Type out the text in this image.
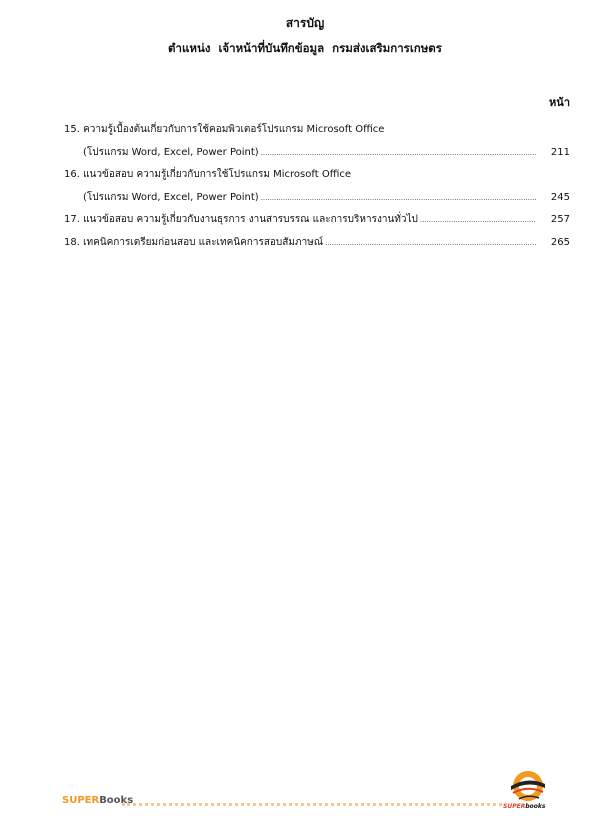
สารบัญ
ตำแหน่ง  เจ้าหน้าที่บันทึกข้อมูล  กรมส่งเสริมการเกษตร
หน้า
15. ความรู้เบื้องต้นเกี่ยวกับการใช้คอมพิวเตอร์โปรแกรม Microsoft Office
(โปรแกรม Word, Excel, Power Point) .....	211
16. แนวข้อสอบ ความรู้เกี่ยวกับการใช้โปรแกรม Microsoft Office
(โปรแกรม Word, Excel, Power Point) .....	245
17. แนวข้อสอบ ความรู้เกี่ยวกับงานธุรการ งานสารบรรณ และการบริหารงานทั่วไป .....	257
18. เทคนิคการเตรียมก่อนสอบ และเทคนิคการสอบสัมภาษณ์ .....	265
SUPERBooks
SUPERbooks
